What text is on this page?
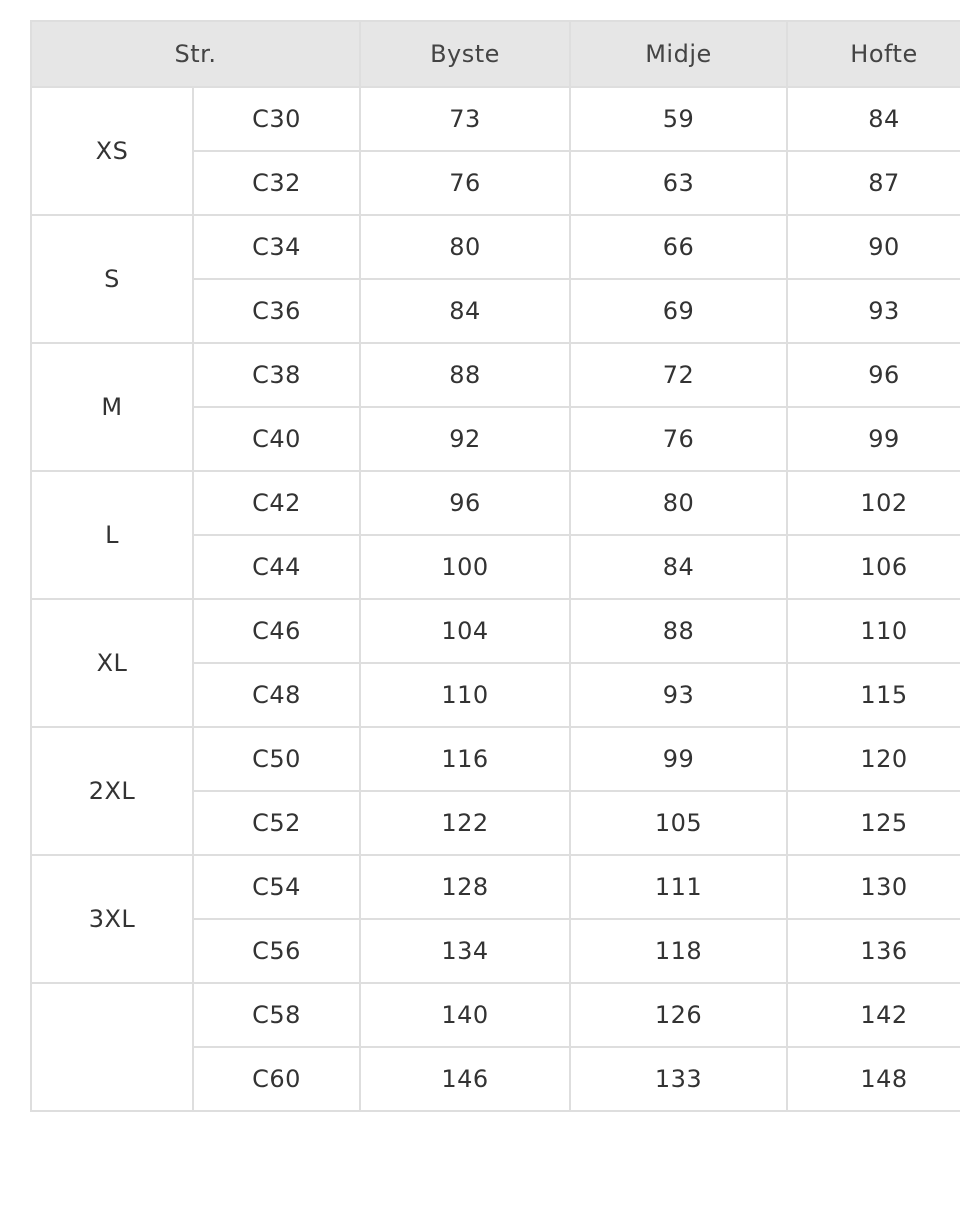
Str.		Byste	Midje	Hofte
XS	C30	73	59	84
	C32	76	63	87
S	C34	80	66	90
	C36	84	69	93
M	C38	88	72	96
	C40	92	76	99
L	C42	96	80	102
	C44	100	84	106
XL	C46	104	88	110
	C48	110	93	115
2XL	C50	116	99	120
	C52	122	105	125
3XL	C54	128	111	130
	C56	134	118	136
	C58	140	126	142
	C60	146	133	148
